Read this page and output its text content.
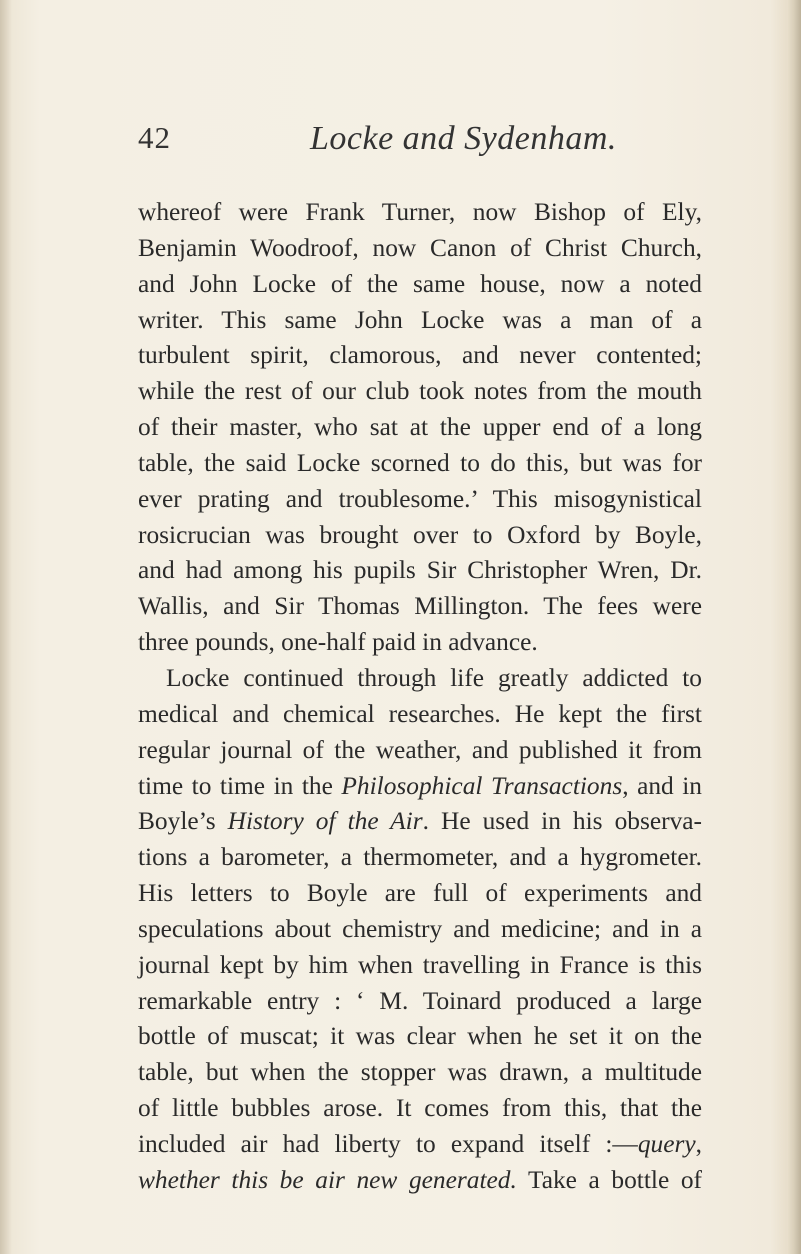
42	Locke and Sydenham.
whereof were Frank Turner, now Bishop of Ely,
Benjamin Woodroof, now Canon of Christ Church,
and John Locke of the same house, now a noted
writer. This same John Locke was a man of a
turbulent spirit, clamorous, and never contented;
while the rest of our club took notes from the mouth
of their master, who sat at the upper end of a long
table, the said Locke scorned to do this, but was for
ever prating and troublesome.’ This misogynistical
rosicrucian was brought over to Oxford by Boyle,
and had among his pupils Sir Christopher Wren, Dr.
Wallis, and Sir Thomas Millington. The fees were
three pounds, one-half paid in advance.
Locke continued through life greatly addicted to
medical and chemical researches. He kept the first
regular journal of the weather, and published it from
time to time in the Philosophical Transactions, and in
Boyle’s History of the Air. He used in his observa-
tions a barometer, a thermometer, and a hygrometer.
His letters to Boyle are full of experiments and
speculations about chemistry and medicine; and in a
journal kept by him when travelling in France is this
remarkable entry : ‘ M. Toinard produced a large
bottle of muscat; it was clear when he set it on the
table, but when the stopper was drawn, a multitude
of little bubbles arose. It comes from this, that the
included air had liberty to expand itself :—query,
whether this be air new generated. Take a bottle of
